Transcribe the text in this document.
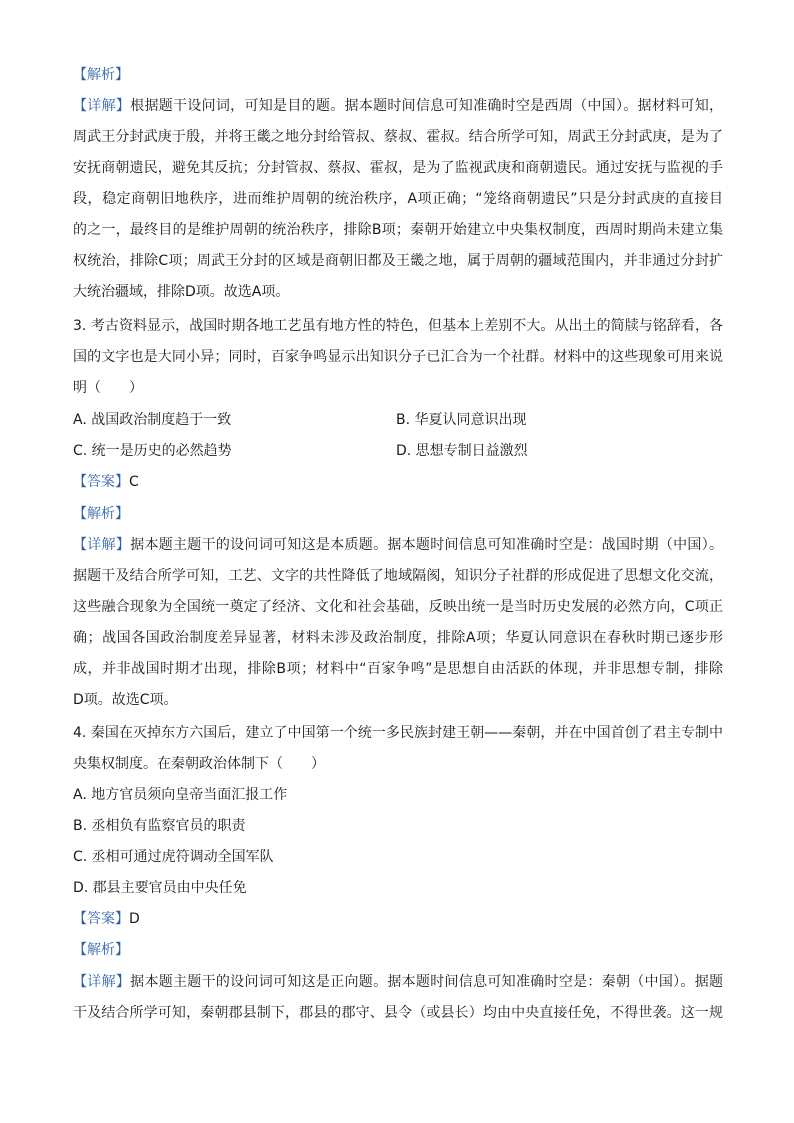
【解析】
【详解】根据题干设问词，可知是目的题。据本题时间信息可知准确时空是西周（中国）。据材料可知，
周武王分封武庚于殷，并将王畿之地分封给管叔、蔡叔、霍叔。结合所学可知，周武王分封武庚，是为了
安抚商朝遗民，避免其反抗；分封管叔、蔡叔、霍叔，是为了监视武庚和商朝遗民。通过安抚与监视的手
段，稳定商朝旧地秩序，进而维护周朝的统治秩序，A项正确；“笼络商朝遗民”只是分封武庚的直接目
的之一，最终目的是维护周朝的统治秩序，排除B项；秦朝开始建立中央集权制度，西周时期尚未建立集
权统治，排除C项；周武王分封的区域是商朝旧都及王畿之地，属于周朝的疆域范围内，并非通过分封扩
大统治疆域，排除D项。故选A项。
3. 考古资料显示，战国时期各地工艺虽有地方性的特色，但基本上差别不大。从出土的简牍与铭辞看，各
国的文字也是大同小异；同时，百家争鸣显示出知识分子已汇合为一个社群。材料中的这些现象可用来说
明（　　）
A. 战国政治制度趋于一致	B. 华夏认同意识出现
C. 统一是历史的必然趋势	D. 思想专制日益激烈
【答案】C
【解析】
【详解】据本题主题干的设问词可知这是本质题。据本题时间信息可知准确时空是：战国时期（中国）。
据题干及结合所学可知，工艺、文字的共性降低了地域隔阂，知识分子社群的形成促进了思想文化交流，
这些融合现象为全国统一奠定了经济、文化和社会基础，反映出统一是当时历史发展的必然方向，C项正
确；战国各国政治制度差异显著，材料未涉及政治制度，排除A项；华夏认同意识在春秋时期已逐步形
成，并非战国时期才出现，排除B项；材料中“百家争鸣”是思想自由活跃的体现，并非思想专制，排除
D项。故选C项。
4. 秦国在灭掉东方六国后，建立了中国第一个统一多民族封建王朝——秦朝，并在中国首创了君主专制中
央集权制度。在秦朝政治体制下（　　）
A. 地方官员须向皇帝当面汇报工作
B. 丞相负有监察官员的职责
C. 丞相可通过虎符调动全国军队
D. 郡县主要官员由中央任免
【答案】D
【解析】
【详解】据本题主题干的设问词可知这是正向题。据本题时间信息可知准确时空是：秦朝（中国）。据题
干及结合所学可知，秦朝郡县制下，郡县的郡守、县令（或县长）均由中央直接任免，不得世袭。这一规
